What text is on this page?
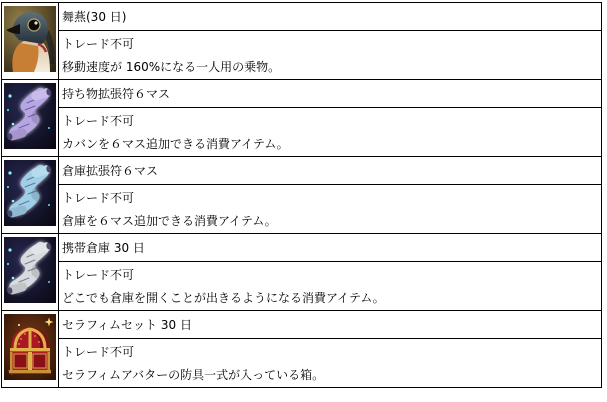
	舞燕(30 日)

	トレード不可
移動速度が 160%になる一人用の乗物。

	持ち物拡張符６マス

	トレード不可
カバンを６マス追加できる消費アイテム。

	倉庫拡張符６マス

	トレード不可
倉庫を６マス追加できる消費アイテム。

	携帯倉庫 30 日

	トレード不可
どこでも倉庫を開くことが出きるようになる消費アイテム。

	セラフィムセット 30 日

	トレード不可
セラフィムアバターの防具一式が入っている箱。
